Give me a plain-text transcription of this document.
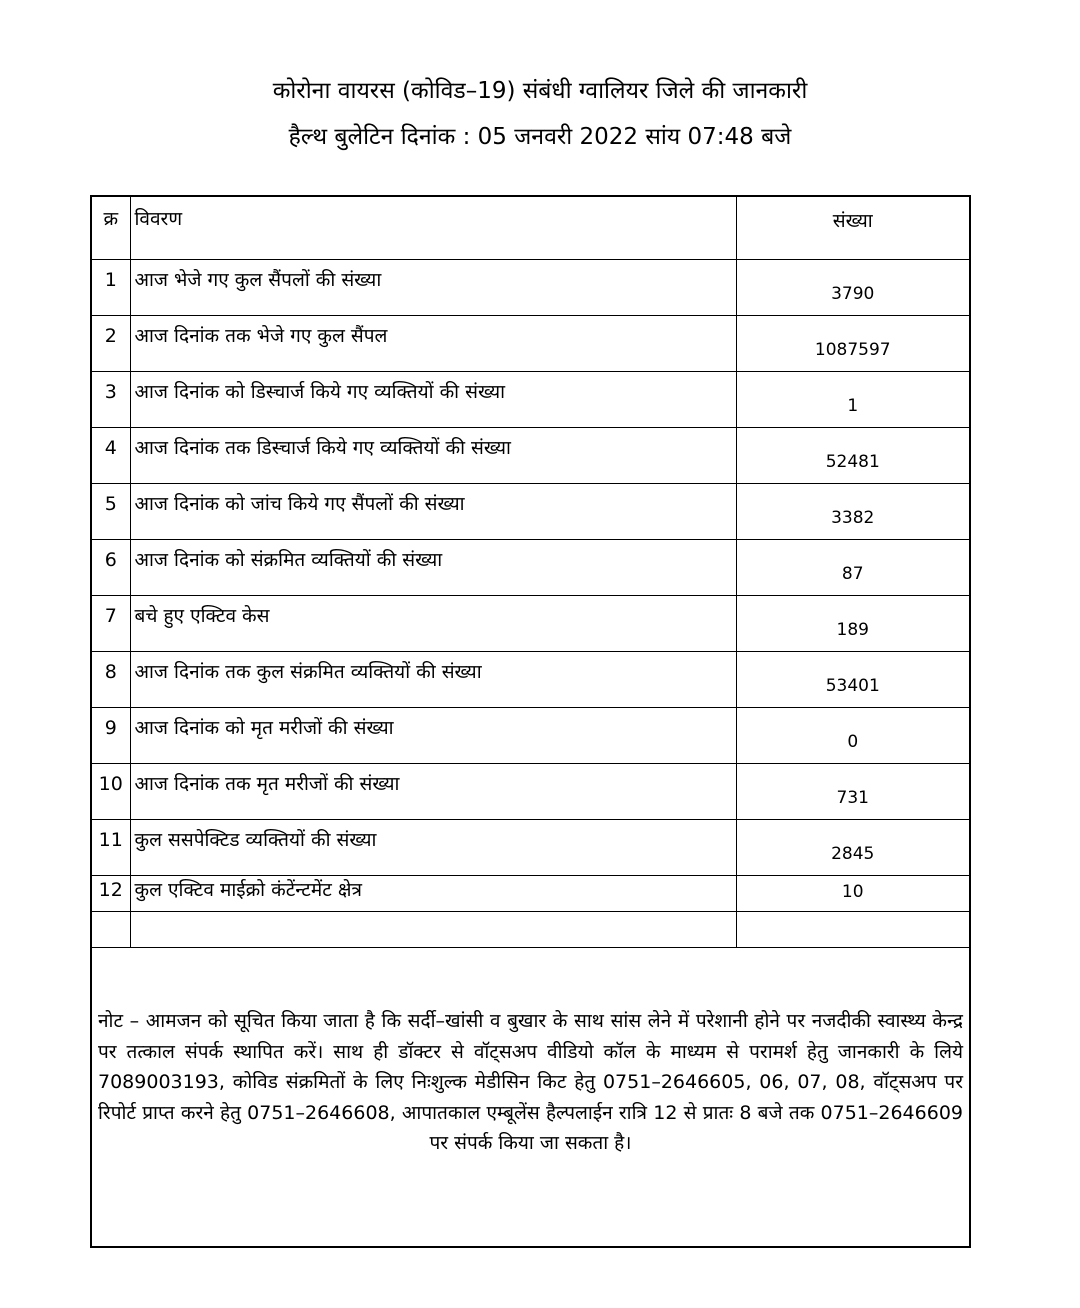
कोरोना वायरस (कोविड–19) संबंधी ग्वालियर जिले की जानकारी
हैल्थ बुलेटिन दिनांक : 05 जनवरी 2022 सांय 07:48 बजे
क्र	विवरण	संख्या
1	आज भेजे गए कुल सैंपलों की संख्या	3790
2	आज दिनांक तक भेजे गए कुल सैंपल	1087597
3	आज दिनांक को डिस्चार्ज किये गए व्यक्तियों की संख्या	1
4	आज दिनांक तक डिस्चार्ज किये गए व्यक्तियों की संख्या	52481
5	आज दिनांक को जांच किये गए सैंपलों की संख्या	3382
6	आज दिनांक को संक्रमित व्यक्तियों की संख्या	87
7	बचे हुए एक्टिव केस	189
8	आज दिनांक तक कुल संक्रमित व्यक्तियों की संख्या	53401
9	आज दिनांक को मृत मरीजों की संख्या	0
10	आज दिनांक तक मृत मरीजों की संख्या	731
11	कुल ससपेक्टिड व्यक्तियों की संख्या	2845
12	कुल एक्टिव माईक्रो कंटेंन्टमेंट क्षेत्र	10

नोट – आमजन को सूचित किया जाता है कि सर्दी–खांसी व बुखार के साथ सांस लेने में परेशानी होने पर नजदीकी स्वास्थ्य केन्द्र पर तत्काल संपर्क स्थापित करें। साथ ही डॉक्टर से वॉट्सअप वीडियो कॉल के माध्यम से परामर्श हेतु जानकारी के लिये 7089003193, कोविड संक्रमितों के लिए निःशुल्क मेडीसिन किट हेतु 0751–2646605, 06, 07, 08, वॉट्सअप पर रिपोर्ट प्राप्त करने हेतु 0751–2646608, आपातकाल एम्बूलेंस हैल्पलाईन रात्रि 12 से प्रातः 8 बजे तक 0751–2646609 पर संपर्क किया जा सकता है।		
